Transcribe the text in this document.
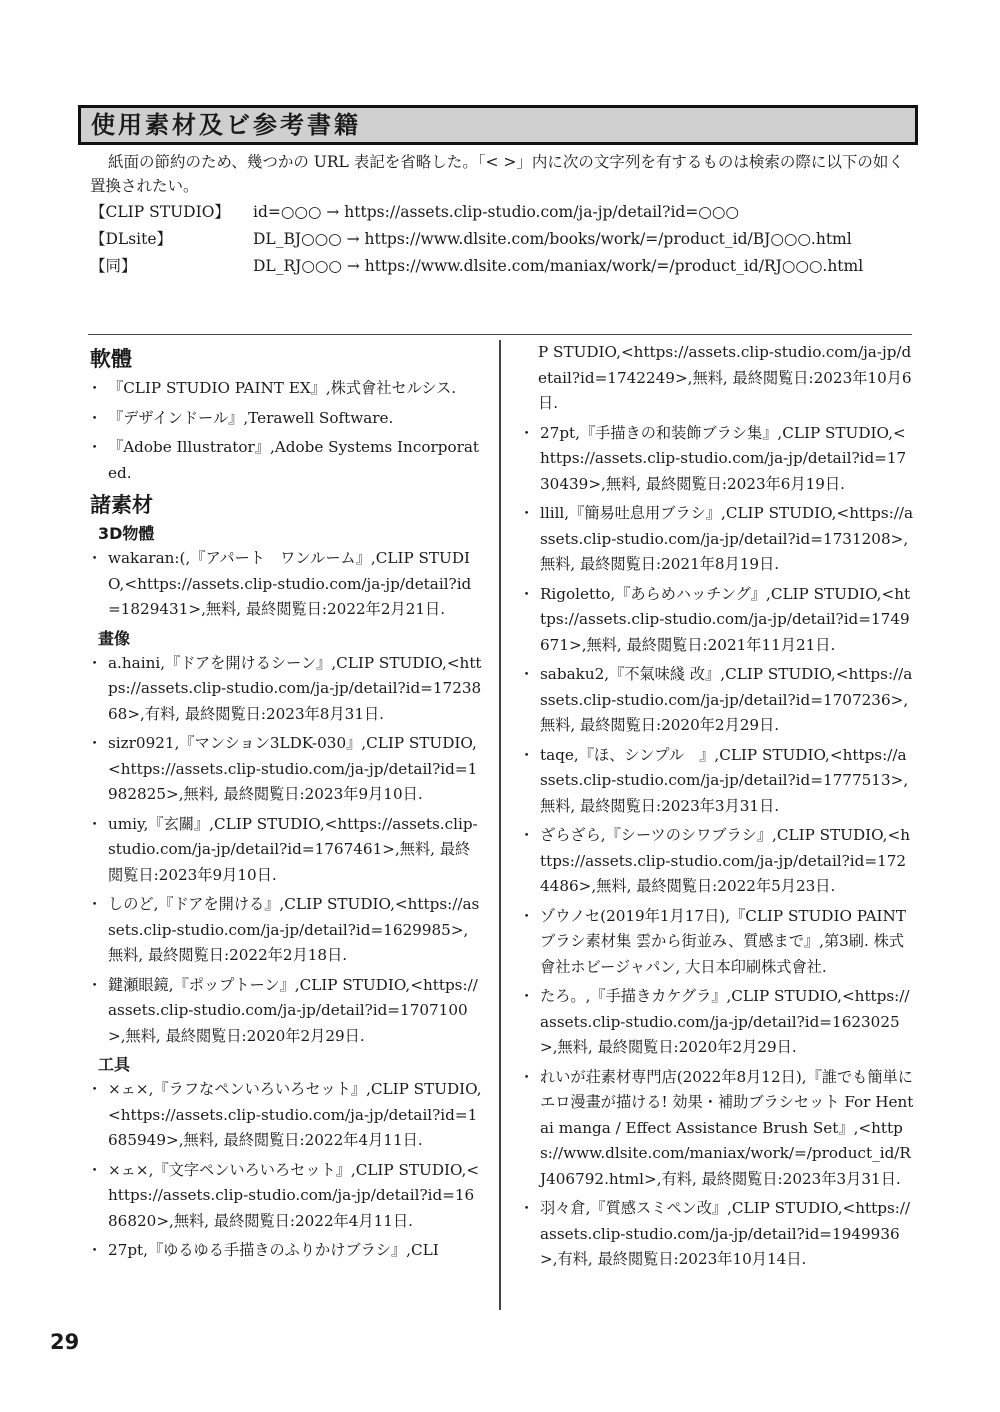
使用素材及ビ参考書籍

紙面の節約のため、幾つかの URL 表記を省略した。「< >」内に次の文字列を有するものは検索の際に以下の如く置換されたい。

【CLIP STUDIO】	id=○○○ → https://assets.clip-studio.com/ja-jp/detail?id=○○○
【DLsite】	DL_BJ○○○ → https://www.dlsite.com/books/work/=/product_id/BJ○○○.html
【同】	DL_RJ○○○ → https://www.dlsite.com/maniax/work/=/product_id/RJ○○○.html
軟體
・ 『CLIP STUDIO PAINT EX』,株式會社セルシス.
・ 『デザインドール』,Terawell Software.
・ 『Adobe Illustrator』,Adobe Systems Incorporated.
諸素材
3D物體
・ wakaran:(,『アパート　ワンルーム』,CLIP STUDIO,<https://assets.clip-studio.com/ja-jp/detail?id=1829431>,無料, 最終閲覧日:2022年2月21日.
畫像
・ a.haini,『ドアを開けるシーン』,CLIP STUDIO,<https://assets.clip-studio.com/ja-jp/detail?id=1723868>,有料, 最終閲覧日:2023年8月31日.
・ sizr0921,『マンション3LDK-030』,CLIP STUDIO,<https://assets.clip-studio.com/ja-jp/detail?id=1982825>,無料, 最終閲覧日:2023年9月10日.
・ umiy,『玄關』,CLIP STUDIO,<https://assets.clip-studio.com/ja-jp/detail?id=1767461>,無料, 最終閲覧日:2023年9月10日.
・ しのど,『ドアを開ける』,CLIP STUDIO,<https://assets.clip-studio.com/ja-jp/detail?id=1629985>,無料, 最終閲覧日:2022年2月18日.
・ 鍵瀬眼鏡,『ポップトーン』,CLIP STUDIO,<https://assets.clip-studio.com/ja-jp/detail?id=1707100>,無料, 最終閲覧日:2020年2月29日.
工具
・ ×ェ×,『ラフなペンいろいろセット』,CLIP STUDIO,<https://assets.clip-studio.com/ja-jp/detail?id=1685949>,無料, 最終閲覧日:2022年4月11日.
・ ×ェ×,『文字ペンいろいろセット』,CLIP STUDIO,<https://assets.clip-studio.com/ja-jp/detail?id=1686820>,無料, 最終閲覧日:2022年4月11日.
・ 27pt,『ゆるゆる手描きのふりかけブラシ』,CLI
P STUDIO,<https://assets.clip-studio.com/ja-jp/detail?id=1742249>,無料, 最終閲覧日:2023年10月6日.
・ 27pt,『手描きの和装飾ブラシ集』,CLIP STUDIO,<https://assets.clip-studio.com/ja-jp/detail?id=1730439>,無料, 最終閲覧日:2023年6月19日.
・ llill,『簡易吐息用ブラシ』,CLIP STUDIO,<https://assets.clip-studio.com/ja-jp/detail?id=1731208>,無料, 最終閲覧日:2021年8月19日.
・ Rigoletto,『あらめハッチング』,CLIP STUDIO,<https://assets.clip-studio.com/ja-jp/detail?id=1749671>,無料, 最終閲覧日:2021年11月21日.
・ sabaku2,『不氣味綫 改』,CLIP STUDIO,<https://assets.clip-studio.com/ja-jp/detail?id=1707236>,無料, 最終閲覧日:2020年2月29日.
・ taqe,『ほ、シンプル　』,CLIP STUDIO,<https://assets.clip-studio.com/ja-jp/detail?id=1777513>,無料, 最終閲覧日:2023年3月31日.
・ ざらざら,『シーツのシワブラシ』,CLIP STUDIO,<https://assets.clip-studio.com/ja-jp/detail?id=1724486>,無料, 最終閲覧日:2022年5月23日.
・ ゾウノセ(2019年1月17日),『CLIP STUDIO PAINTブラシ素材集 雲から街並み、質感まで』,第3刷. 株式會社ホビージャパン, 大日本印刷株式會社.
・ たろ。,『手描きカケグラ』,CLIP STUDIO,<https://assets.clip-studio.com/ja-jp/detail?id=1623025>,無料, 最終閲覧日:2020年2月29日.
・ れいが荘素材専門店(2022年8月12日),『誰でも簡単にエロ漫畫が描ける! 効果・補助ブラシセット For Hentai manga / Effect Assistance Brush Set』,<https://www.dlsite.com/maniax/work/=/product_id/RJ406792.html>,有料, 最終閲覧日:2023年3月31日.
・ 羽々倉,『質感スミペン改』,CLIP STUDIO,<https://assets.clip-studio.com/ja-jp/detail?id=1949936>,有料, 最終閲覧日:2023年10月14日.
29
